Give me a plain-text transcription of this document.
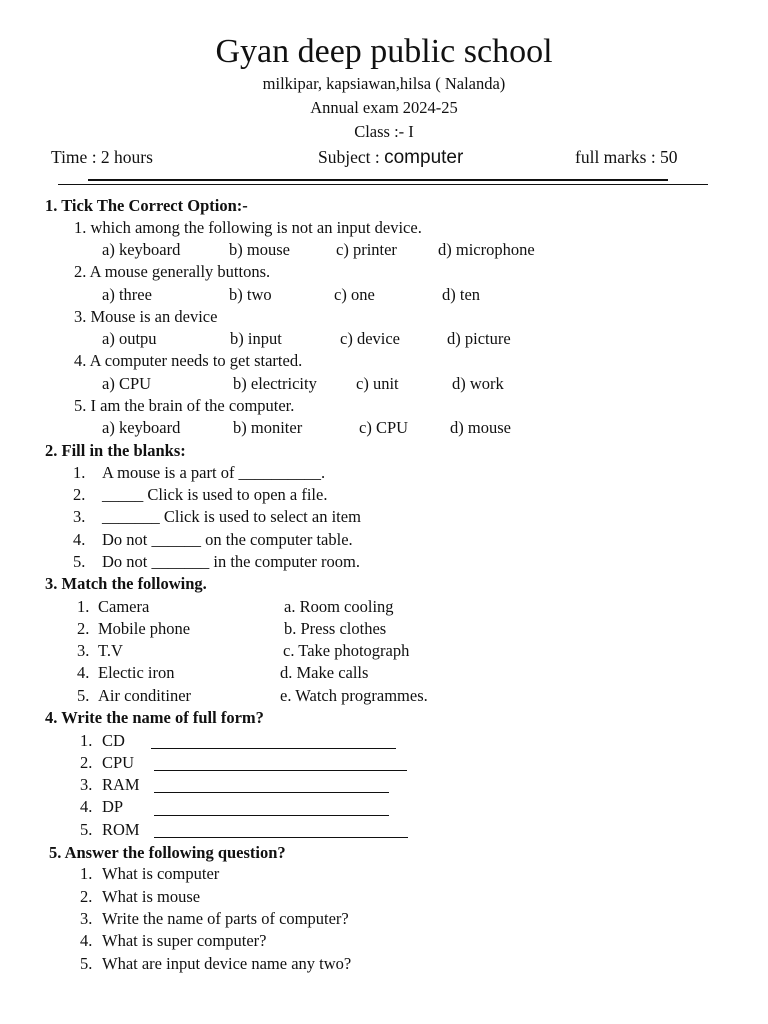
Gyan deep public school
milkipar, kapsiawan,hilsa ( Nalanda)
Annual exam 2024-25
Class :- I
Time : 2 hours	Subject : computer	full marks : 50
1. Tick The Correct Option:-
1. which among the following is not an input device.
a) keyboard	b) mouse	c) printer d) microphone
2. A mouse generally buttons.
a) three	b) two	c) one	d) ten
3. Mouse is an device
a) outpu	b) input	c) device	d) picture
4. A computer needs to get started.
a) CPU	b) electricity c) unit	d) work
5. I am the brain of the computer.
a) keyboard	b) moniter	c) CPU	d) mouse
2. Fill in the blanks:
1. A mouse is a part of __________.
2. _____ Click is used to open a file.
3. _______ Click is used to select an item
4. Do not ______ on the computer table.
5. Do not _______ in the computer room.
3. Match the following.
1. Camera	a. Room cooling
2. Mobile phone	b. Press clothes
3. T.V	c. Take photograph
4. Electic iron	d. Make calls
5. Air conditiner	e. Watch programmes.
4. Write the name of full form?
1. CD
2. CPU
3. RAM
4. DP
5. ROM
5. Answer the following question?
1. What is computer
2. What is mouse
3. Write the name of parts of computer?
4. What is super computer?
5. What are input device name any two?
